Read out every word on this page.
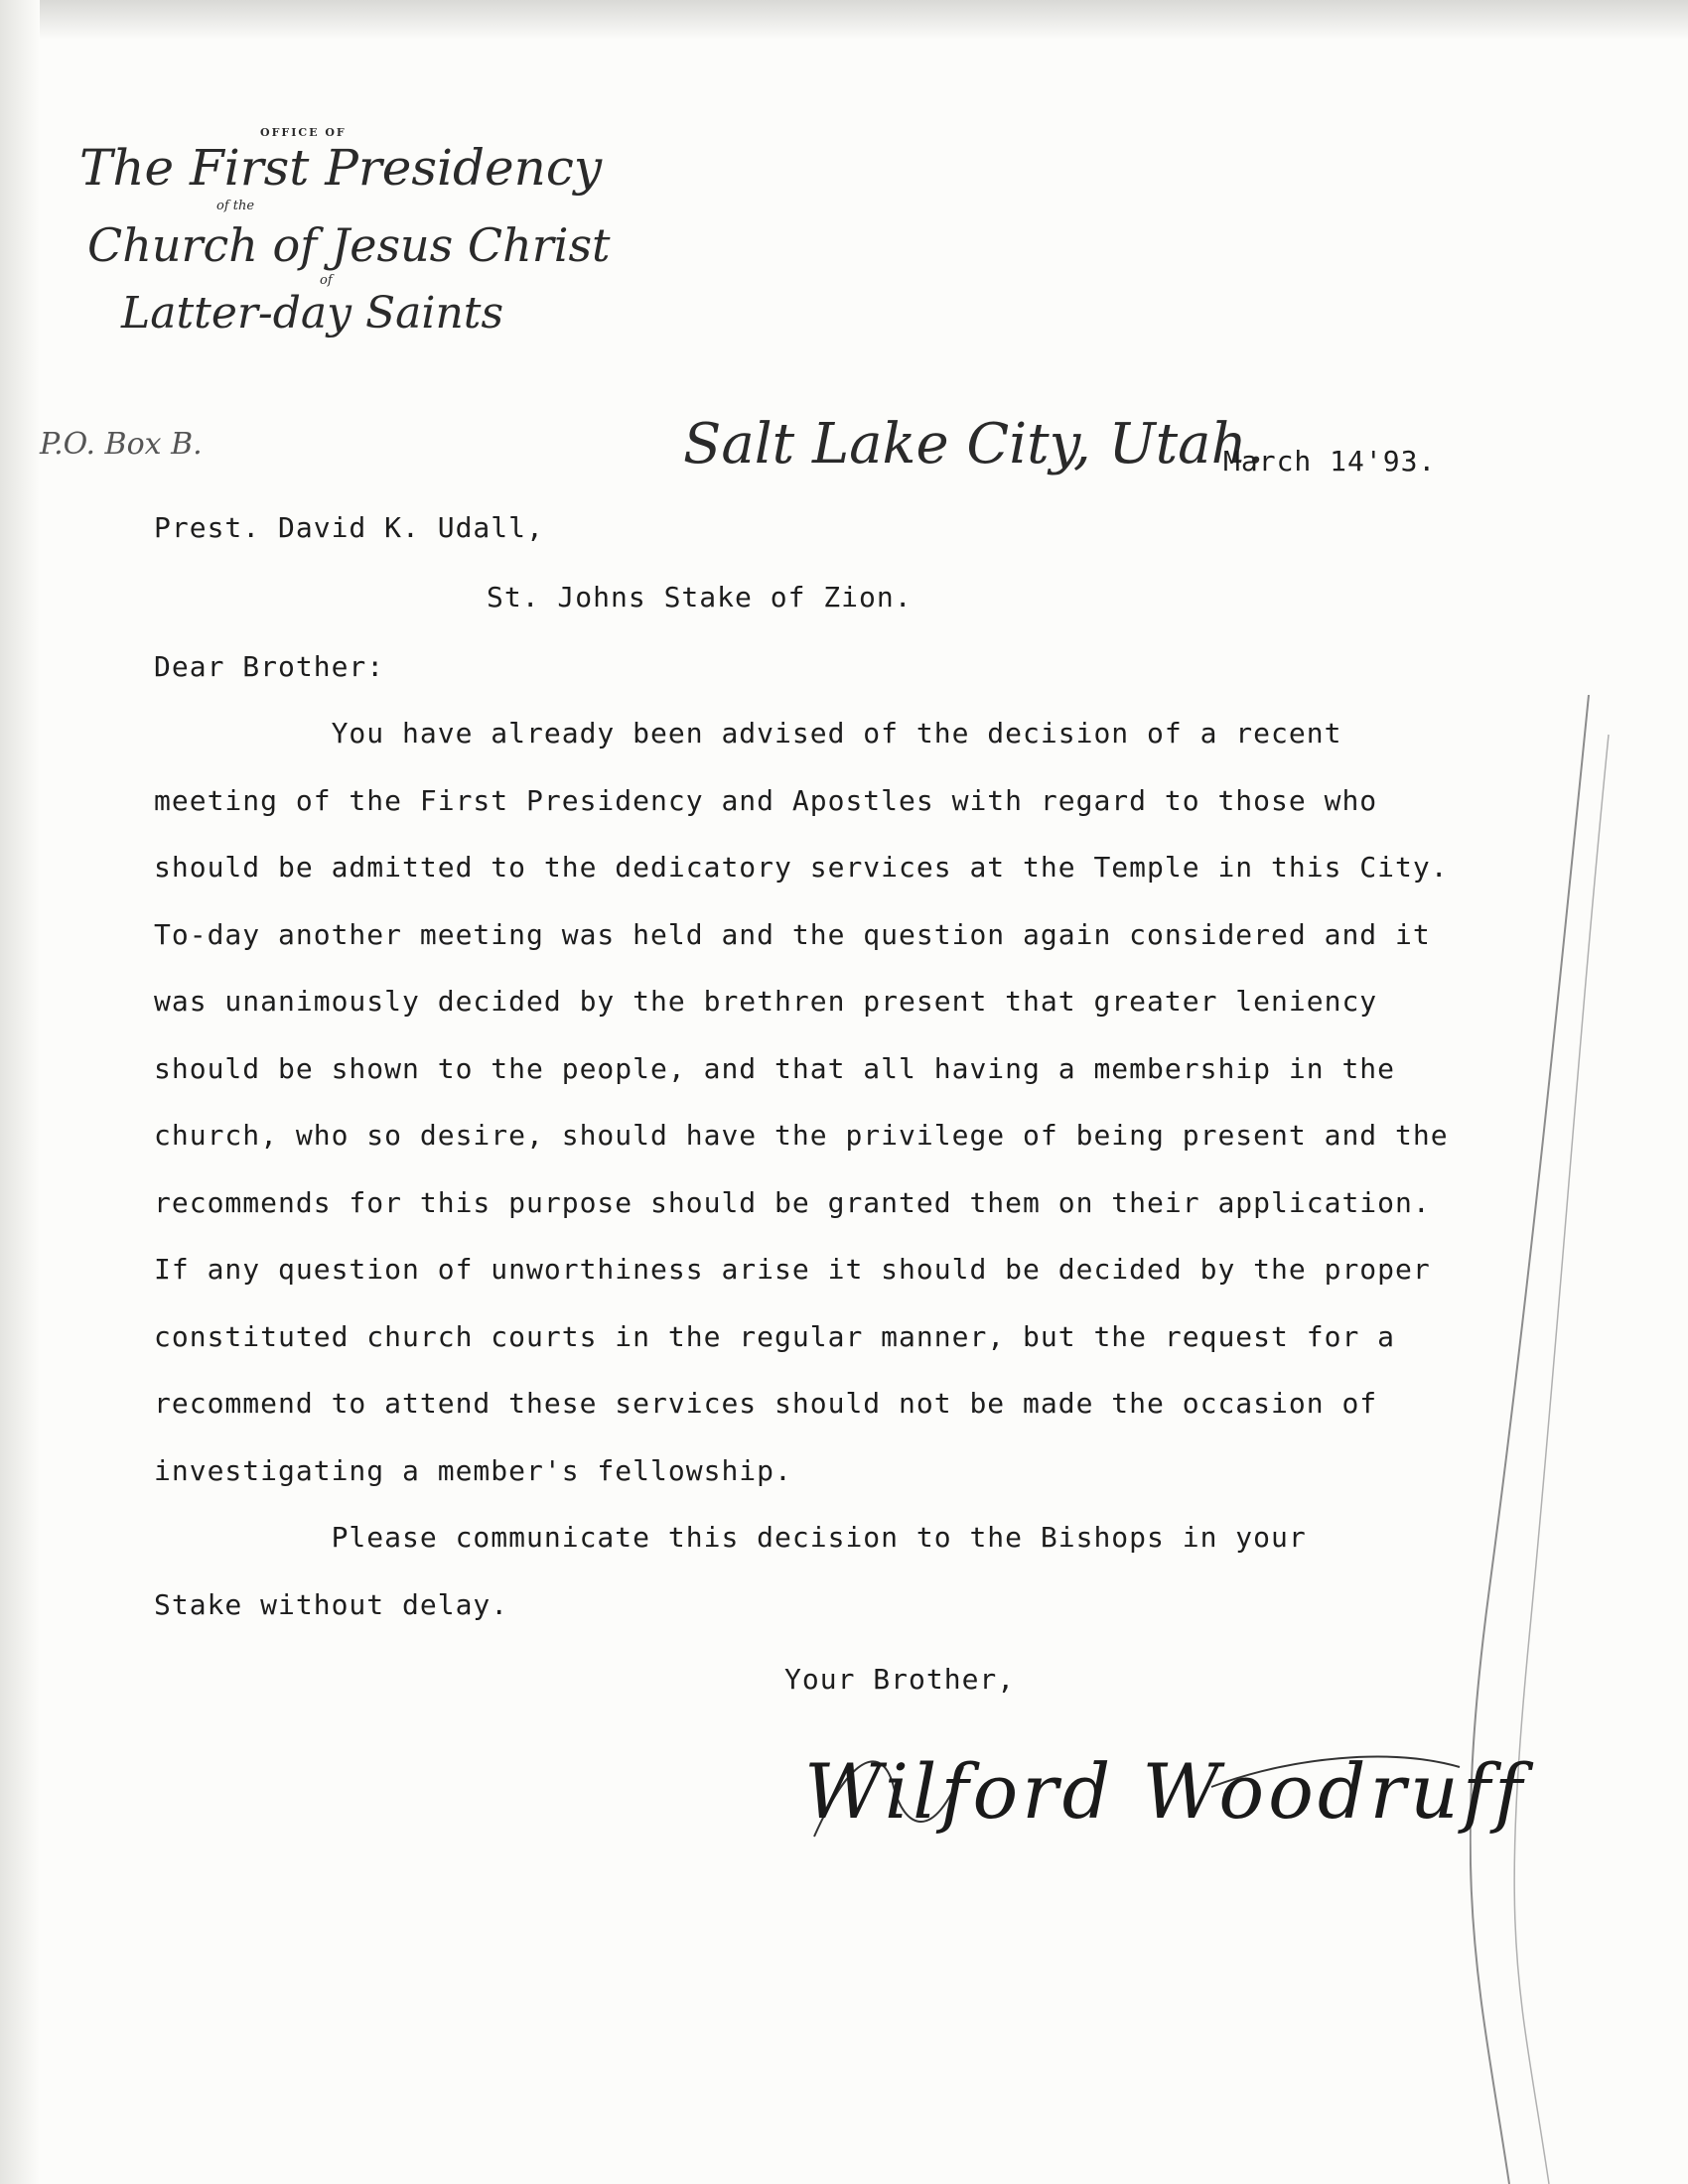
OFFICE OF
The First Presidency
of the
Church of Jesus Christ
of
Latter-day Saints
P.O. Box B.	Salt Lake City, Utah.
March 14'93.
Prest. David K. Udall,
St. Johns Stake of Zion.
Dear Brother:
You have already been advised of the decision of a recent
meeting of the First Presidency and Apostles with regard to those who
should be admitted to the dedicatory services at the Temple in this City.
To-day another meeting was held and the question again considered and it
was unanimously decided by the brethren present that greater leniency
should be shown to the people, and that all having a membership in the
church, who so desire, should have the privilege of being present and the
recommends for this purpose should be granted them on their application.
If any question of unworthiness arise it should be decided by the proper
constituted church courts in the regular manner, but the request for a
recommend to attend these services should not be made the occasion of
investigating a member's fellowship.
Please communicate this decision to the Bishops in your
Stake without delay.
Your Brother,
Wilford Woodruff
